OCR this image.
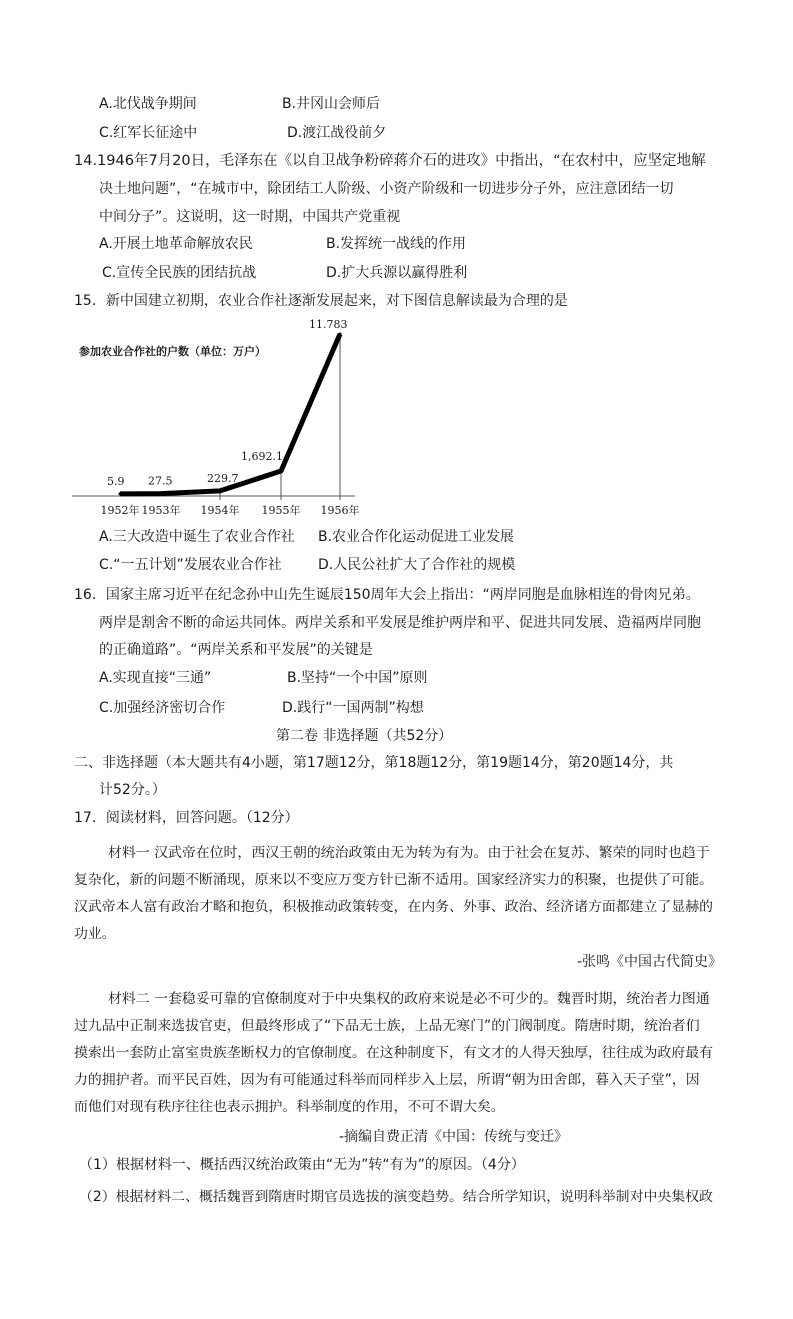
A.北伐战争期间	B.井冈山会师后
C.红军长征途中	D.渡江战役前夕
14.1946年7月20日，毛泽东在《以自卫战争粉碎蒋介石的进攻》中指出，“在农村中，应坚定地解
决土地问题”，“在城市中，除团结工人阶级、小资产阶级和一切进步分子外，应注意团结一切
中间分子”。这说明，这一时期，中国共产党重视
A.开展土地革命解放农民	B.发挥统一战线的作用
C.宣传全民族的团结抗战	D.扩大兵源以赢得胜利
15．新中国建立初期，农业合作社逐渐发展起来，对下图信息解读最为合理的是
参加农业合作社的户数（单位：万户）
5.9 27.5	229.7
1,692.1
11.783
1952年 1953年 1954年 1955年 1956年
A.三大改造中诞生了农业合作社 B.农业合作化运动促进工业发展
C.“一五计划”发展农业合作社	D.人民公社扩大了合作社的规模
16．国家主席习近平在纪念孙中山先生诞辰150周年大会上指出：“两岸同胞是血脉相连的骨肉兄弟。
两岸是割舍不断的命运共同体。两岸关系和平发展是维护两岸和平、促进共同发展、造福两岸同胞
的正确道路”。“两岸关系和平发展”的关键是
A.实现直接“三通”	B.坚持“一个中国”原则
C.加强经济密切合作	D.践行“一国两制”构想
第二卷 非选择题（共52分）
二、非选择题（本大题共有4小题，第17题12分，第18题12分，第19题14分，第20题14分，共
计52分。）
17．阅读材料，回答问题。（12分）
材料一 汉武帝在位时，西汉王朝的统治政策由无为转为有为。由于社会在复苏、繁荣的同时也趋于
复杂化，新的问题不断涌现，原来以不变应万变方针已渐不适用。国家经济实力的积聚，也提供了可能。
汉武帝本人富有政治才略和抱负，积极推动政策转变，在内务、外事、政治、经济诸方面都建立了显赫的
功业。
-张鸣《中国古代简史》
材料二 一套稳妥可靠的官僚制度对于中央集权的政府来说是必不可少的。魏晋时期，统治者力图通
过九品中正制来选拔官吏，但最终形成了“下品无士族，上品无寒门”的门阀制度。隋唐时期，统治者们
摸索出一套防止富室贵族垄断权力的官僚制度。在这种制度下，有文才的人得天独厚，往往成为政府最有
力的拥护者。而平民百姓，因为有可能通过科举而同样步入上层，所谓“朝为田舍郎，暮入天子堂”，因
而他们对现有秩序往往也表示拥护。科举制度的作用，不可不谓大矣。
-摘编自费正清《中国：传统与变迁》
（1）根据材料一、概括西汉统治政策由“无为”转“有为”的原因。（4分）
（2）根据材料二、概括魏晋到隋唐时期官员选拔的演变趋势。结合所学知识，说明科举制对中央集权政
